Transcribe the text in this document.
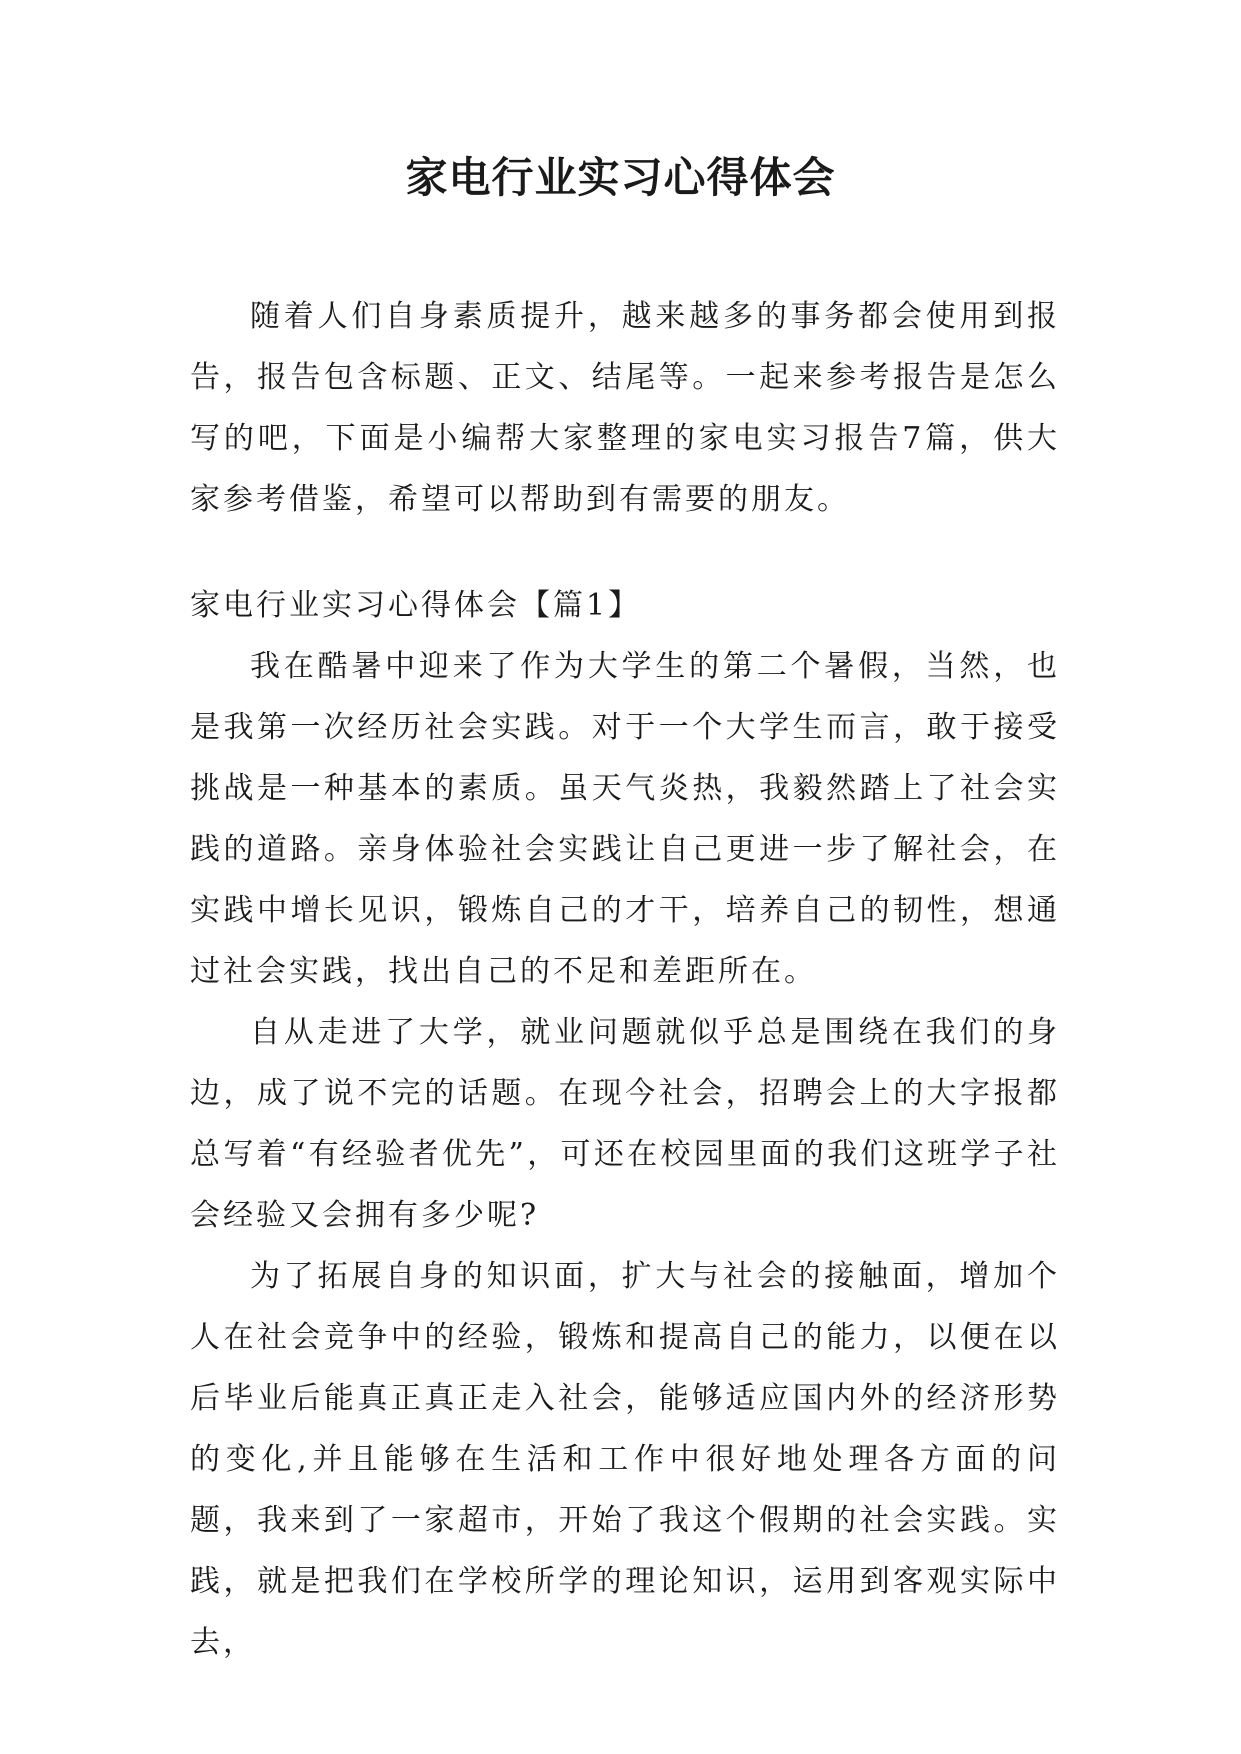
家电行业实习心得体会

随着人们自身素质提升，越来越多的事务都会使用到报告，报告包含标题、正文、结尾等。一起来参考报告是怎么写的吧，下面是小编帮大家整理的家电实习报告7篇，供大家参考借鉴，希望可以帮助到有需要的朋友。

家电行业实习心得体会【篇1】

我在酷暑中迎来了作为大学生的第二个暑假，当然，也是我第一次经历社会实践。对于一个大学生而言，敢于接受挑战是一种基本的素质。虽天气炎热，我毅然踏上了社会实践的道路。亲身体验社会实践让自己更进一步了解社会，在实践中增长见识，锻炼自己的才干，培养自己的韧性，想通过社会实践，找出自己的不足和差距所在。

自从走进了大学，就业问题就似乎总是围绕在我们的身边，成了说不完的话题。在现今社会，招聘会上的大字报都总写着“有经验者优先”，可还在校园里面的我们这班学子社会经验又会拥有多少呢?

为了拓展自身的知识面，扩大与社会的接触面，增加个人在社会竞争中的经验，锻炼和提高自己的能力，以便在以后毕业后能真正真正走入社会，能够适应国内外的经济形势的变化,并且能够在生活和工作中很好地处理各方面的问题，我来到了一家超市，开始了我这个假期的社会实践。实践，就是把我们在学校所学的理论知识，运用到客观实际中去，
